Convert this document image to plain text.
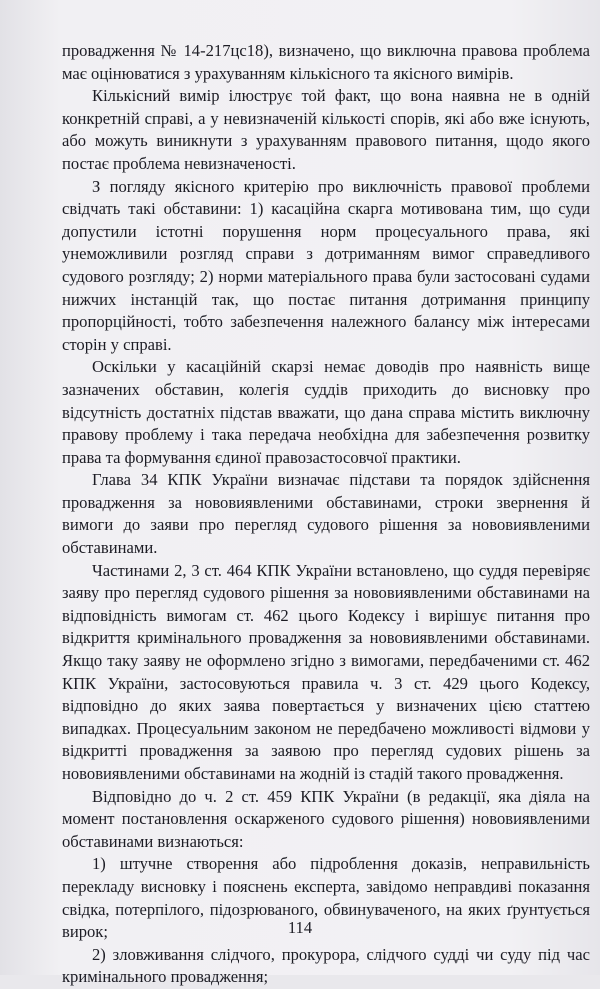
провадження № 14-217цс18), визначено, що виключна правова проблема має оцінюватися з урахуванням кількісного та якісного вимірів.

Кількісний вимір ілюструє той факт, що вона наявна не в одній конкретній справі, а у невизначеній кількості спорів, які або вже існують, або можуть виникнути з урахуванням правового питання, щодо якого постає проблема невизначеності.

З погляду якісного критерію про виключність правової проблеми свідчать такі обставини: 1) касаційна скарга мотивована тим, що суди допустили істотні порушення норм процесуального права, які унеможливили розгляд справи з дотриманням вимог справедливого судового розгляду; 2) норми матеріального права були застосовані судами нижчих інстанцій так, що постає питання дотримання принципу пропорційності, тобто забезпечення належного балансу між інтересами сторін у справі.

Оскільки у касаційній скарзі немає доводів про наявність вище зазначених обставин, колегія суддів приходить до висновку про відсутність достатніх підстав вважати, що дана справа містить виключну правову проблему і така передача необхідна для забезпечення розвитку права та формування єдиної правозастосовчої практики.

Глава 34 КПК України визначає підстави та порядок здійснення провадження за нововиявленими обставинами, строки звернення й вимоги до заяви про перегляд судового рішення за нововиявленими обставинами.

Частинами 2, 3 ст. 464 КПК України встановлено, що суддя перевіряє заяву про перегляд судового рішення за нововиявленими обставинами на відповідність вимогам ст. 462 цього Кодексу і вирішує питання про відкриття кримінального провадження за нововиявленими обставинами. Якщо таку заяву не оформлено згідно з вимогами, передбаченими ст. 462 КПК України, застосовуються правила ч. 3 ст. 429 цього Кодексу, відповідно до яких заява повертається у визначених цією статтею випадках. Процесуальним законом не передбачено можливості відмови у відкритті провадження за заявою про перегляд судових рішень за нововиявленими обставинами на жодній із стадій такого провадження.

Відповідно до ч. 2 ст. 459 КПК України (в редакції, яка діяла на момент постановлення оскарженого судового рішення) нововиявленими обставинами визнаються:

1) штучне створення або підроблення доказів, неправильність перекладу висновку і пояснень експерта, завідомо неправдиві показання свідка, потерпілого, підозрюваного, обвинуваченого, на яких ґрунтується вирок;

2) зловживання слідчого, прокурора, слідчого судді чи суду під час кримінального провадження;

114
